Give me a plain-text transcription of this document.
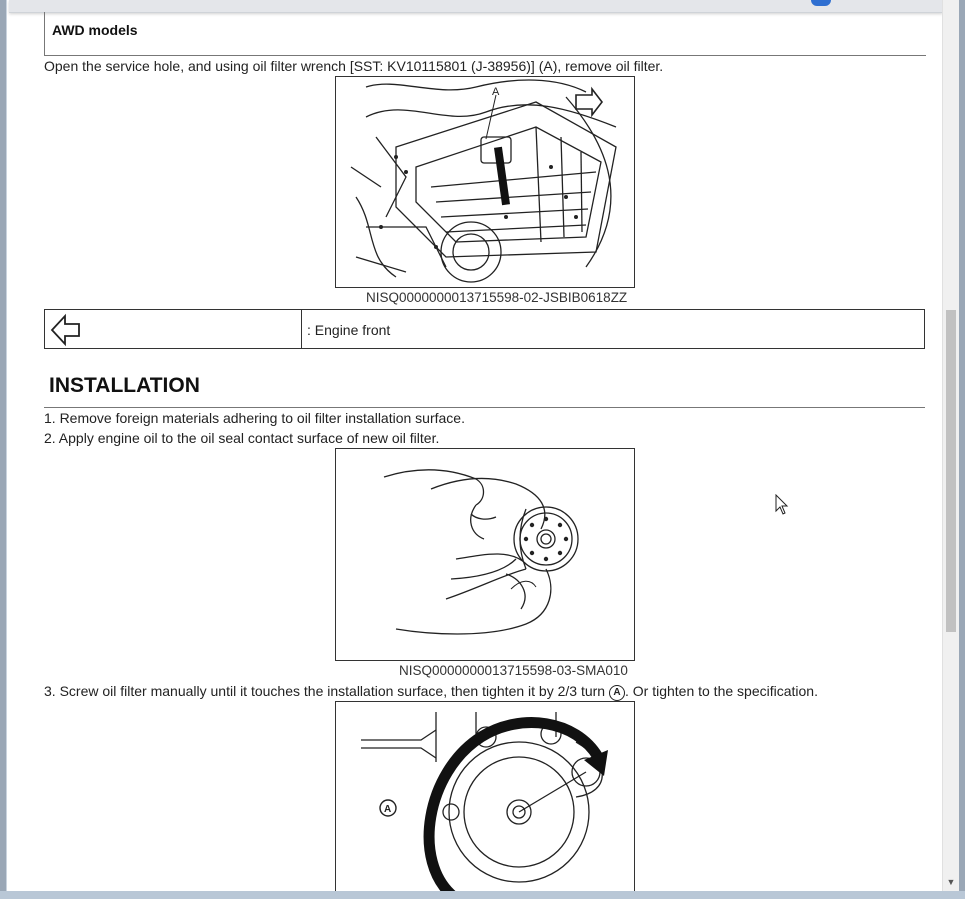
AWD models
Open the service hole, and using oil filter wrench [SST: KV10115801 (J-38956)] (A), remove oil filter.
A
NISQ0000000013715598-02-JSBIB0618ZZ
: Engine front
INSTALLATION
1. Remove foreign materials adhering to oil filter installation surface.
2. Apply engine oil to the oil seal contact surface of new oil filter.
NISQ0000000013715598-03-SMA010
3. Screw oil filter manually until it touches the installation surface, then tighten it by 2/3 turn A . Or tighten to the specification.
A
▼
